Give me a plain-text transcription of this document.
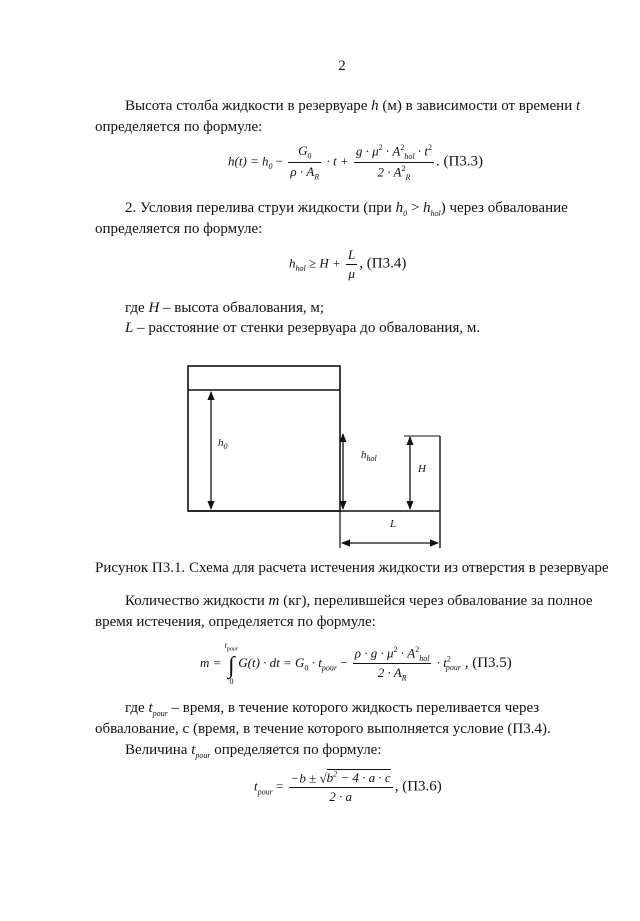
2
Высота столба жидкости в резервуаре h (м) в зависимости от времени t
определяется по формуле:
$h(t) = h_0 - \frac{G_0}{\rho \cdot A_R} \cdot t + \frac{g \cdot \mu^2 \cdot A^2_{hol} \cdot t^2}{2 \cdot A^2_R}$ . (П3.3)
2. Условия перелива струи жидкости (при $h_0 > h_{hol}$) через обвалование
определяется по формуле:
$h_{hol} \ge H + \frac{L}{\mu}$ , (П3.4)
где H – высота обвалования, м;
L – расстояние от стенки резервуара до обвалования, м.
$h_0$
$h_{hol}$
H
L
Рисунок П3.1. Схема для расчета истечения жидкости из отверстия в резервуаре
Количество жидкости m (кг), перелившейся через обвалование за полное
время истечения, определяется по формуле:
m =
$t_{pour}$
∫
0
G(t) · dt = $G_0 \cdot t_{pour} - \frac{\rho \cdot g \cdot \mu^2 \cdot A^2_{hol}}{2 \cdot A_R} \cdot t^2_{pour}$ , (П3.5)
где $t_{pour}$ – время, в течение которого жидкость переливается через
обвалование, с (время, в течение которого выполняется условие (П3.4).
Величина $t_{pour}$ определяется по формуле:
$t_{pour} = \frac{-b \pm √b^2 - 4 \cdot a \cdot c}{2 \cdot a}$ , (П3.6)
